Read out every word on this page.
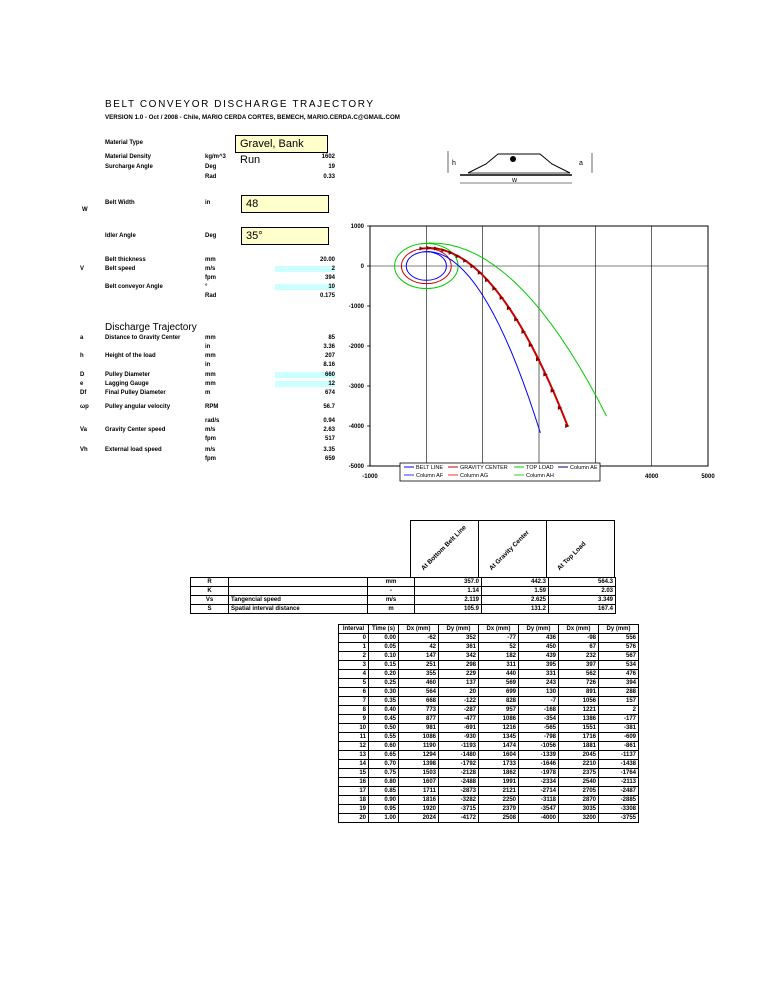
BELT CONVEYOR DISCHARGE TRAJECTORY
VERSION 1.0 - Oct / 2008 - Chile, MARIO CERDA CORTES, BEMECH, MARIO.CERDA.C@GMAIL.COM
Material Type	Gravel, Bank Run
W
Belt Width	in	48
Idler Angle	Deg	35°
Material Density	kg/m^3	1602
Surcharge Angle	Deg	19
Rad	0.33
Belt thickness	mm	20.00
V	Belt speed	m/s	2
fpm	394
Belt conveyor Angle	°	10
Rad	0.175
a	Distance to Gravity Center	mm	85
in	3.36
h	Height of the load	mm	207
in	8.16
D	Pulley Diameter	mm	660
e	Lagging Gauge	mm	12
Df	Final Pulley Diameter	m	674
ωp	Pulley angular velocity	RPM	56.7
rad/s	0.94
Va	Gravity Center speed	m/s	2.63
fpm	517
Vh	External load speed	m/s	3.35
fpm	659
Discharge Trajectory
h	a
w
1000
0
-1000
-2000
-3000
-4000
-5000
-1000	4000	5000
BELT LINE	GRAVITY CENTER	TOP LOAD	Column AE
Column AF	Column AG	Column AH
At Bottom Belt Line	At Gravity Center	At Top Load
R		mm	357.0	442.3	564.3
K		-	1.14	1.59	2.03
Vs	Tangencial speed	m/s	2.119	2.625	3.349
S	Spatial interval distance	m	105.9	131.2	167.4
Interval	Time (s)	Dx (mm)	Dy (mm)	Dx (mm)	Dy (mm)	Dx (mm)	Dy (mm)
0	0.00	-62	352	-77	436	-98	556
1	0.05	42	361	52	450	67	576
2	0.10	147	342	182	439	232	567
3	0.15	251	298	311	395	397	534
4	0.20	355	229	440	331	562	476
5	0.25	460	137	569	243	726	394
6	0.30	564	20	699	130	891	288
7	0.35	668	-122	828	-7	1056	157
8	0.40	773	-287	957	-168	1221	2
9	0.45	877	-477	1086	-354	1386	-177
10	0.50	981	-691	1216	-565	1551	-381
11	0.55	1086	-930	1345	-798	1716	-609
12	0.60	1190	-1193	1474	-1056	1881	-861
13	0.65	1294	-1480	1604	-1339	2045	-1137
14	0.70	1398	-1792	1733	-1646	2210	-1438
15	0.75	1503	-2128	1862	-1978	2375	-1764
16	0.80	1607	-2488	1991	-2334	2540	-2113
17	0.85	1711	-2873	2121	-2714	2705	-2487
18	0.90	1816	-3282	2250	-3118	2870	-2885
19	0.95	1920	-3715	2379	-3547	3035	-3308
20	1.00	2024	-4172	2508	-4000	3200	-3755
